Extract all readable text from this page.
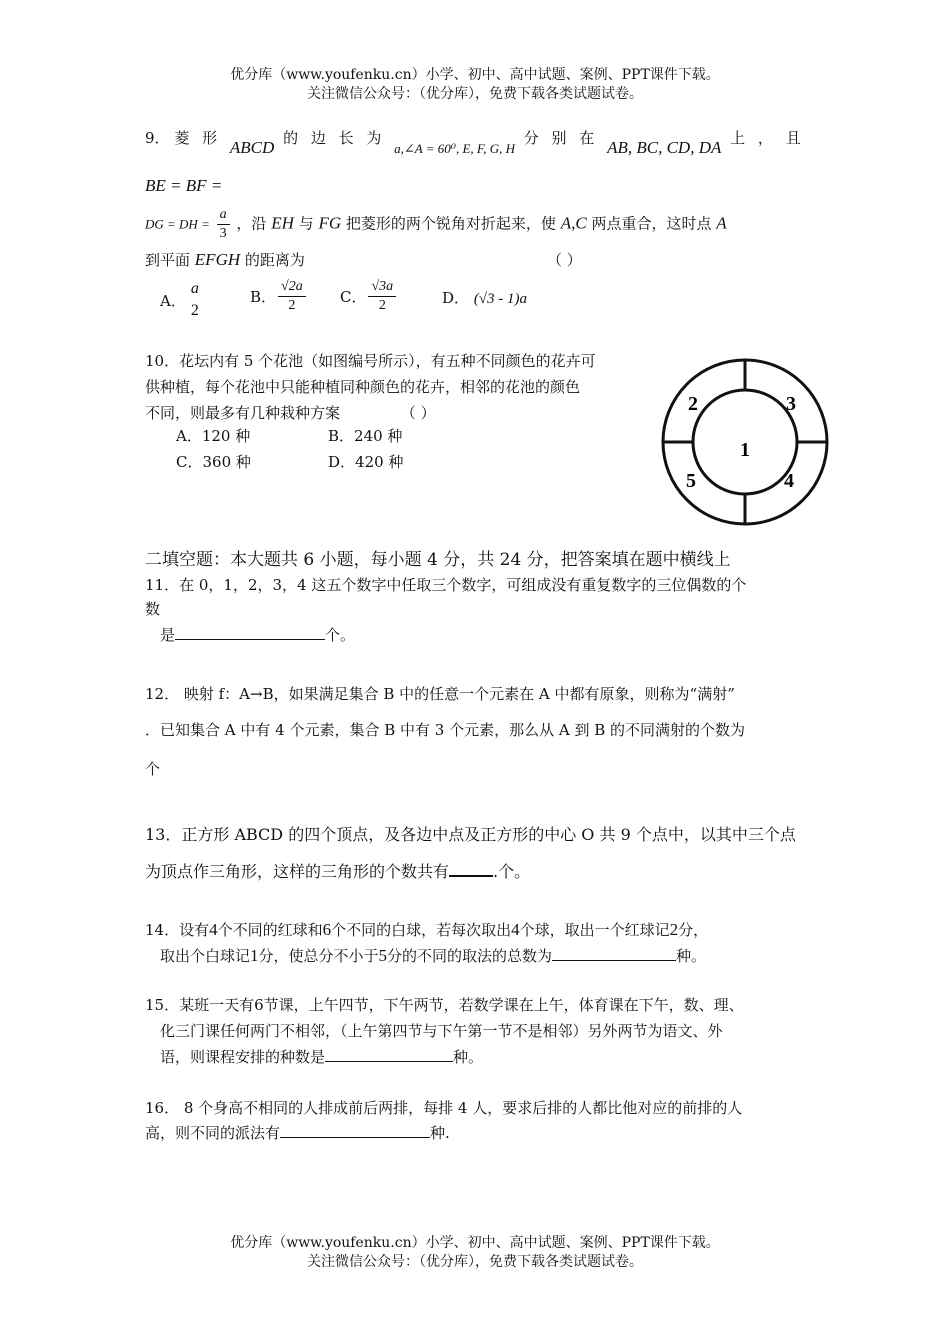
优分库（www.youfenku.cn）小学、初中、高中试题、案例、PPT课件下载。
关注微信公众号：（优分库），免费下载各类试题试卷。
9． 菱 形 ABCD 的 边 长 为 a,∠A = 60⁰, E, F, G, H 分 别 在 AB, BC, CD, DA 上 ， 且
BE = BF =
DG = DH = $\frac{a}{3}$ ，沿 EH 与 FG 把菱形的两个锐角对折起来，使 A,C 两点重合，这时点 A
到平面 EFGH 的距离为	（ ）
A．
a
2
B． $\frac{√2a}{2}$ C． $\frac{√3a}{2}$	D． (√3 - 1)a
10．花坛内有 5 个花池（如图编号所示），有五种不同颜色的花卉可
供种植，每个花池中只能种植同种颜色的花卉，相邻的花池的颜色
不同，则最多有几种栽种方案	（ ）
A．120 种	B．240 种
C．360 种	D．420 种
1
2	3
4
5
二填空题：本大题共 6 小题，每小题 4 分，共 24 分，把答案填在题中横线上
11．在 0，1，2，3，4 这五个数字中任取三个数字，可组成没有重复数字的三位偶数的个
数
是	个。
12． 映射 f：A→B，如果满足集合 B 中的任意一个元素在 A 中都有原象，则称为“满射”
．已知集合 A 中有 4 个元素，集合 B 中有 3 个元素，那么从 A 到 B 的不同满射的个数为
个
13．正方形 ABCD 的四个顶点，及各边中点及正方形的中心 O 共 9 个点中，以其中三个点
为顶点作三角形，这样的三角形的个数共有	.个。
14．设有4个不同的红球和6个不同的白球，若每次取出4个球，取出一个红球记2分，
取出个白球记1分，使总分不小于5分的不同的取法的总数为	种。
15．某班一天有6节课，上午四节，下午两节，若数学课在上午，体育课在下午，数、理、
化三门课任何两门不相邻，（上午第四节与下午第一节不是相邻）另外两节为语文、外
语，则课程安排的种数是	种。
16． 8 个身高不相同的人排成前后两排，每排 4 人，要求后排的人都比他对应的前排的人
高，则不同的派法有	种.
优分库（www.youfenku.cn）小学、初中、高中试题、案例、PPT课件下载。
关注微信公众号：（优分库），免费下载各类试题试卷。
